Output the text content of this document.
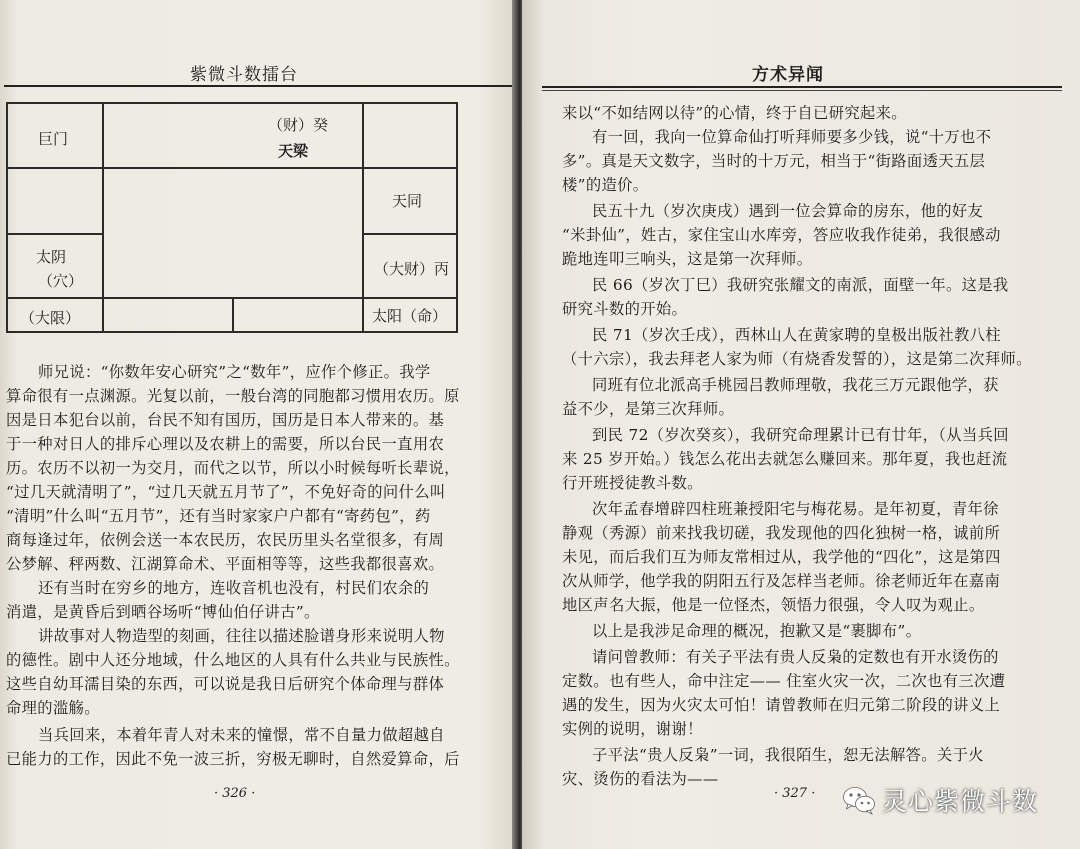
紫微斗数擂台
巨门
（财）癸
天梁
天同
太阴
（穴）
（大财）丙
（大限）	太阳（命）
师兄说：“你数年安心研究”之“数年”，应作个修正。我学
算命很有一点渊源。光复以前，一般台湾的同胞都习惯用农历。原
因是日本犯台以前，台民不知有国历，国历是日本人带来的。基
于一种对日人的排斥心理以及农耕上的需要，所以台民一直用农
历。农历不以初一为交月，而代之以节，所以小时候每听长辈说，
“过几天就清明了”，“过几天就五月节了”，不免好奇的问什么叫
“清明”什么叫“五月节”，还有当时家家户户都有“寄药包”，药
商每逢过年，依例会送一本农民历，农民历里头名堂很多，有周
公梦解、秤两数、江湖算命术、平面相等等，这些我都很喜欢。
还有当时在穷乡的地方，连收音机也没有，村民们农余的
消遣，是黄昏后到晒谷场听“博仙伯仔讲古”。
讲故事对人物造型的刻画，往往以描述脸谱身形来说明人物
的德性。剧中人还分地域，什么地区的人具有什么共业与民族性。
这些自幼耳濡目染的东西，可以说是我日后研究个体命理与群体
命理的滥觞。
当兵回来，本着年青人对未来的憧憬，常不自量力做超越自
已能力的工作，因此不免一波三折，穷极无聊时，自然爱算命，后
· 326 ·
方术异闻
来以“不如结网以待”的心情，终于自已研究起来。
有一回，我向一位算命仙打听拜师要多少钱，说“十万也不
多”。真是天文数字，当时的十万元，相当于“街路面透天五层
楼”的造价。
民五十九（岁次庚戌）遇到一位会算命的房东，他的好友
“米卦仙”，姓古，家住宝山水库旁，答应收我作徒弟，我很感动
跪地连叩三响头，这是第一次拜师。
民 66（岁次丁巳）我研究张耀文的南派，面壁一年。这是我
研究斗数的开始。
民 71（岁次壬戌），西林山人在黄家聘的皇极出版社教八柱
（十六宗），我去拜老人家为师（有烧香发誓的），这是第二次拜师。
同班有位北派高手桃园吕教师理敬，我花三万元跟他学，获
益不少，是第三次拜师。
到民 72（岁次癸亥），我研究命理累计已有廿年，（从当兵回
来 25 岁开始。）钱怎么花出去就怎么赚回来。那年夏，我也赶流
行开班授徒教斗数。
次年孟春增辟四柱班兼授阳宅与梅花易。是年初夏，青年徐
静观（秀源）前来找我切磋，我发现他的四化独树一格，诚前所
未见，而后我们互为师友常相过从，我学他的“四化”，这是第四
次从师学，他学我的阴阳五行及怎样当老师。徐老师近年在嘉南
地区声名大振，他是一位怪杰，领悟力很强，令人叹为观止。
以上是我涉足命理的概况，抱歉又是“裹脚布”。
请问曾教师：有关子平法有贵人反枭的定数也有开水烫伤的
定数。也有些人，命中注定—— 住室火灾一次，二次也有三次遭
遇的发生，因为火灾太可怕！请曾教师在归元第二阶段的讲义上
实例的说明，谢谢！
子平法“贵人反枭”一词，我很陌生，恕无法解答。关于火
灾、烫伤的看法为——
· 327 ·	灵心紫微斗数
